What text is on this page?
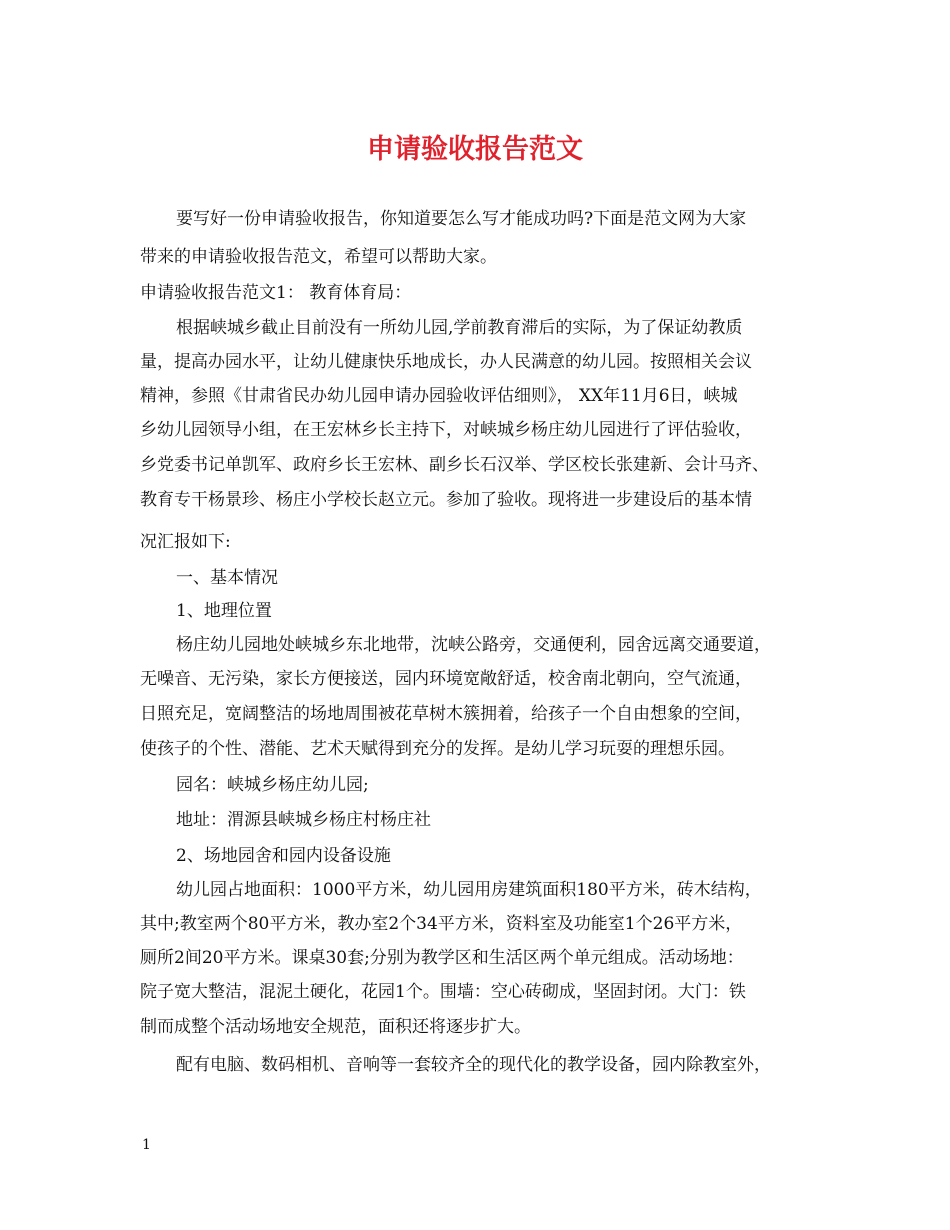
申请验收报告范文

要写好一份申请验收报告，你知道要怎么写才能成功吗?下面是范文网为大家

带来的申请验收报告范文，希望可以帮助大家。

申请验收报告范文1： 教育体育局：

根据峡城乡截止目前没有一所幼儿园,学前教育滞后的实际，为了保证幼教质

量，提高办园水平，让幼儿健康快乐地成长，办人民满意的幼儿园。按照相关会议

精神，参照《甘肃省民办幼儿园申请办园验收评估细则》， XX年11月6日，峡城

乡幼儿园领导小组，在王宏林乡长主持下，对峡城乡杨庄幼儿园进行了评估验收，

乡党委书记单凯军、政府乡长王宏林、副乡长石汉举、学区校长张建新、会计马齐、

教育专干杨景珍、杨庄小学校长赵立元。参加了验收。现将进一步建设后的基本情

况汇报如下:

一、基本情况

1、地理位置

杨庄幼儿园地处峡城乡东北地带，沈峡公路旁，交通便利，园舍远离交通要道，

无噪音、无污染，家长方便接送，园内环境宽敞舒适，校舍南北朝向，空气流通，

日照充足，宽阔整洁的场地周围被花草树木簇拥着，给孩子一个自由想象的空间，

使孩子的个性、潜能、艺术天赋得到充分的发挥。是幼儿学习玩耍的理想乐园。

园名：峡城乡杨庄幼儿园;

地址：渭源县峡城乡杨庄村杨庄社

2、场地园舍和园内设备设施

幼儿园占地面积：1000平方米，幼儿园用房建筑面积180平方米，砖木结构，

其中;教室两个80平方米，教办室2个34平方米，资料室及功能室1个26平方米，

厕所2间20平方米。课桌30套;分别为教学区和生活区两个单元组成。活动场地：

院子宽大整洁，混泥土硬化，花园1个。围墙：空心砖砌成，坚固封闭。大门：铁

制而成整个活动场地安全规范，面积还将逐步扩大。

配有电脑、数码相机、音响等一套较齐全的现代化的教学设备，园内除教室外，

1
